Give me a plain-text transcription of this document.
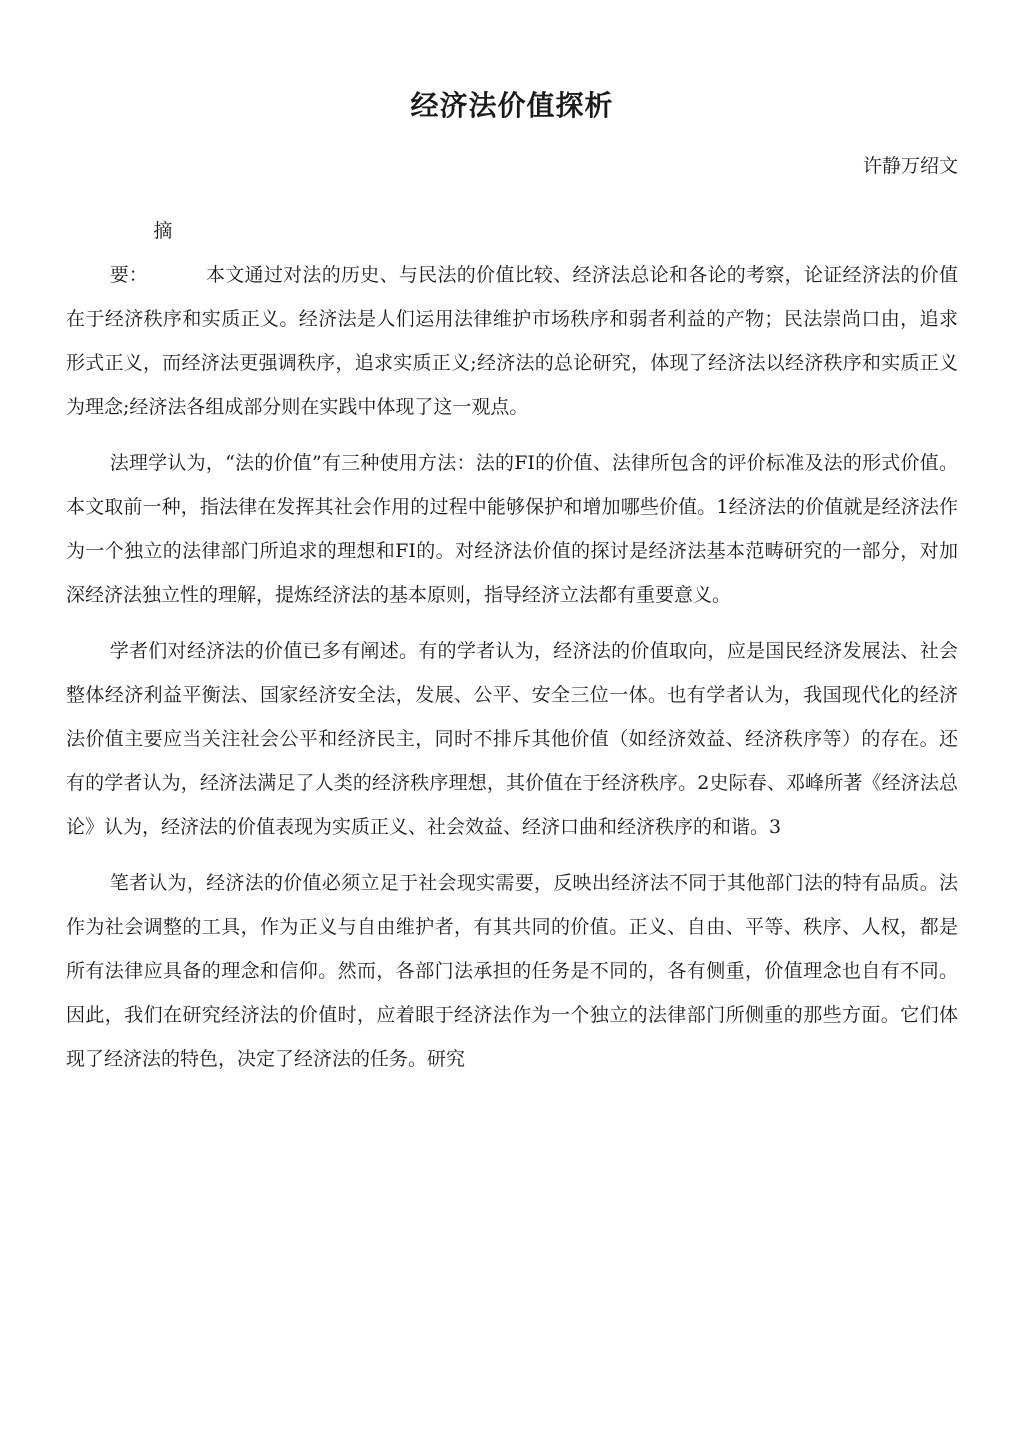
经济法价值探析
许静万绍文

摘　　要：	本文通过对法的历史、与民法的价值比较、经济法总论和各论的考察，论证经济法的价值在于经济秩序和实质正义。经济法是人们运用法律维护市场秩序和弱者利益的产物；民法崇尚口由，追求形式正义，而经济法更强调秩序，追求实质正义;经济法的总论研究，体现了经济法以经济秩序和实质正义为理念;经济法各组成部分则在实践中体现了这一观点。

法理学认为，“法的价值”有三种使用方法：法的FI的价值、法律所包含的评价标准及法的形式价值。本文取前一种，指法律在发挥其社会作用的过程中能够保护和增加哪些价值。1经济法的价值就是经济法作为一个独立的法律部门所追求的理想和FI的。对经济法价值的探讨是经济法基本范畴研究的一部分，对加深经济法独立性的理解，提炼经济法的基本原则，指导经济立法都有重要意义。

学者们对经济法的价值已多有阐述。有的学者认为，经济法的价值取向，应是国民经济发展法、社会整体经济利益平衡法、国家经济安全法，发展、公平、安全三位一体。也有学者认为，我国现代化的经济法价值主要应当关注社会公平和经济民主，同时不排斥其他价值（如经济效益、经济秩序等）的存在。还有的学者认为，经济法满足了人类的经济秩序理想，其价值在于经济秩序。2史际春、邓峰所著《经济法总论》认为，经济法的价值表现为实质正义、社会效益、经济口曲和经济秩序的和谐。3

笔者认为，经济法的价值必须立足于社会现实需要，反映出经济法不同于其他部门法的特有品质。法作为社会调整的工具，作为正义与自由维护者，有其共同的价值。正义、自由、平等、秩序、人权，都是所有法律应具备的理念和信仰。然而，各部门法承担的任务是不同的，各有侧重，价值理念也自有不同。因此，我们在研究经济法的价值时，应着眼于经济法作为一个独立的法律部门所侧重的那些方面。它们体现了经济法的特色，决定了经济法的任务。研究
